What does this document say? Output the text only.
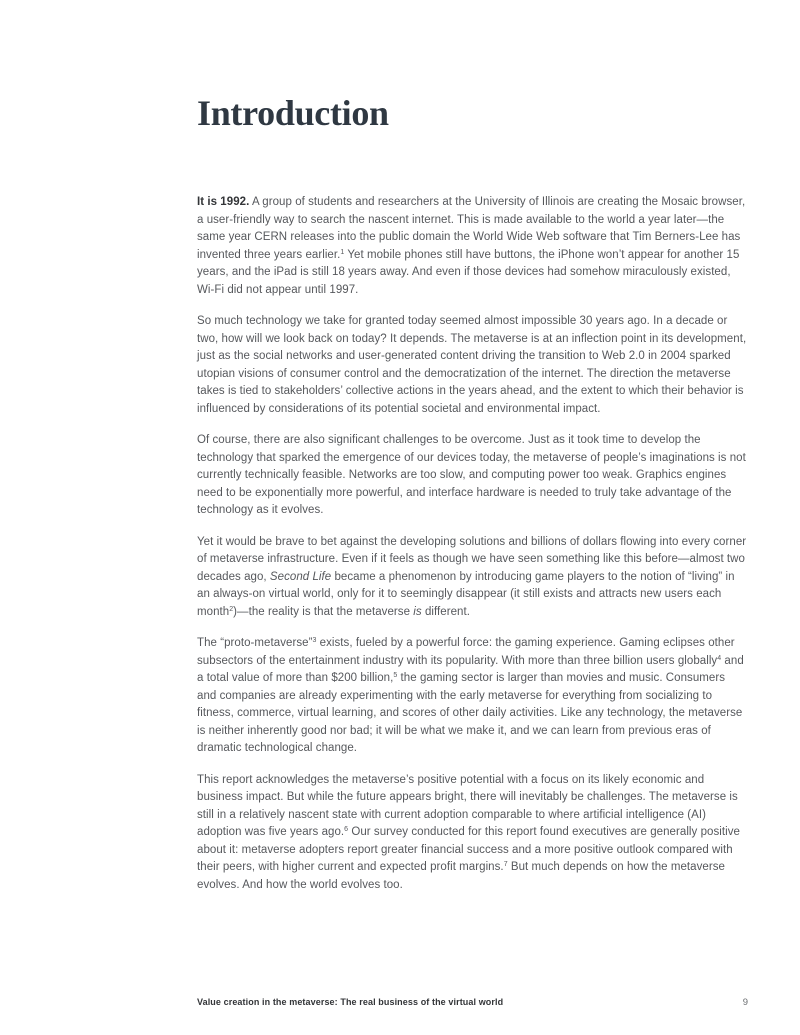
Introduction

It is 1992. A group of students and researchers at the University of Illinois are creating the Mosaic browser, a user-friendly way to search the nascent internet. This is made available to the world a year later—the same year CERN releases into the public domain the World Wide Web software that Tim Berners-Lee has invented three years earlier.$^1$ Yet mobile phones still have buttons, the iPhone won’t appear for another 15 years, and the iPad is still 18 years away. And even if those devices had somehow miraculously existed, Wi-Fi did not appear until 1997.

So much technology we take for granted today seemed almost impossible 30 years ago. In a decade or two, how will we look back on today? It depends. The metaverse is at an inflection point in its development, just as the social networks and user-generated content driving the transition to Web 2.0 in 2004 sparked utopian visions of consumer control and the democratization of the internet. The direction the metaverse takes is tied to stakeholders’ collective actions in the years ahead, and the extent to which their behavior is influenced by considerations of its potential societal and environmental impact.

Of course, there are also significant challenges to be overcome. Just as it took time to develop the technology that sparked the emergence of our devices today, the metaverse of people’s imaginations is not currently technically feasible. Networks are too slow, and computing power too weak. Graphics engines need to be exponentially more powerful, and interface hardware is needed to truly take advantage of the technology as it evolves.

Yet it would be brave to bet against the developing solutions and billions of dollars flowing into every corner of metaverse infrastructure. Even if it feels as though we have seen something like this before—almost two decades ago, Second Life became a phenomenon by introducing game players to the notion of “living” in an always-on virtual world, only for it to seemingly disappear (it still exists and attracts new users each month$^2$)—the reality is that the metaverse is different.

The “proto-metaverse”$^3$ exists, fueled by a powerful force: the gaming experience. Gaming eclipses other subsectors of the entertainment industry with its popularity. With more than three billion users globally$^4$ and a total value of more than $200 billion,$^5$ the gaming sector is larger than movies and music. Consumers and companies are already experimenting with the early metaverse for everything from socializing to fitness, commerce, virtual learning, and scores of other daily activities. Like any technology, the metaverse is neither inherently good nor bad; it will be what we make it, and we can learn from previous eras of dramatic technological change.

This report acknowledges the metaverse’s positive potential with a focus on its likely economic and business impact. But while the future appears bright, there will inevitably be challenges. The metaverse is still in a relatively nascent state with current adoption comparable to where artificial intelligence (AI) adoption was five years ago.$^6$ Our survey conducted for this report found executives are generally positive about it: metaverse adopters report greater financial success and a more positive outlook compared with their peers, with higher current and expected profit margins.$^7$ But much depends on how the metaverse evolves. And how the world evolves too.

Value creation in the metaverse: The real business of the virtual world	9
